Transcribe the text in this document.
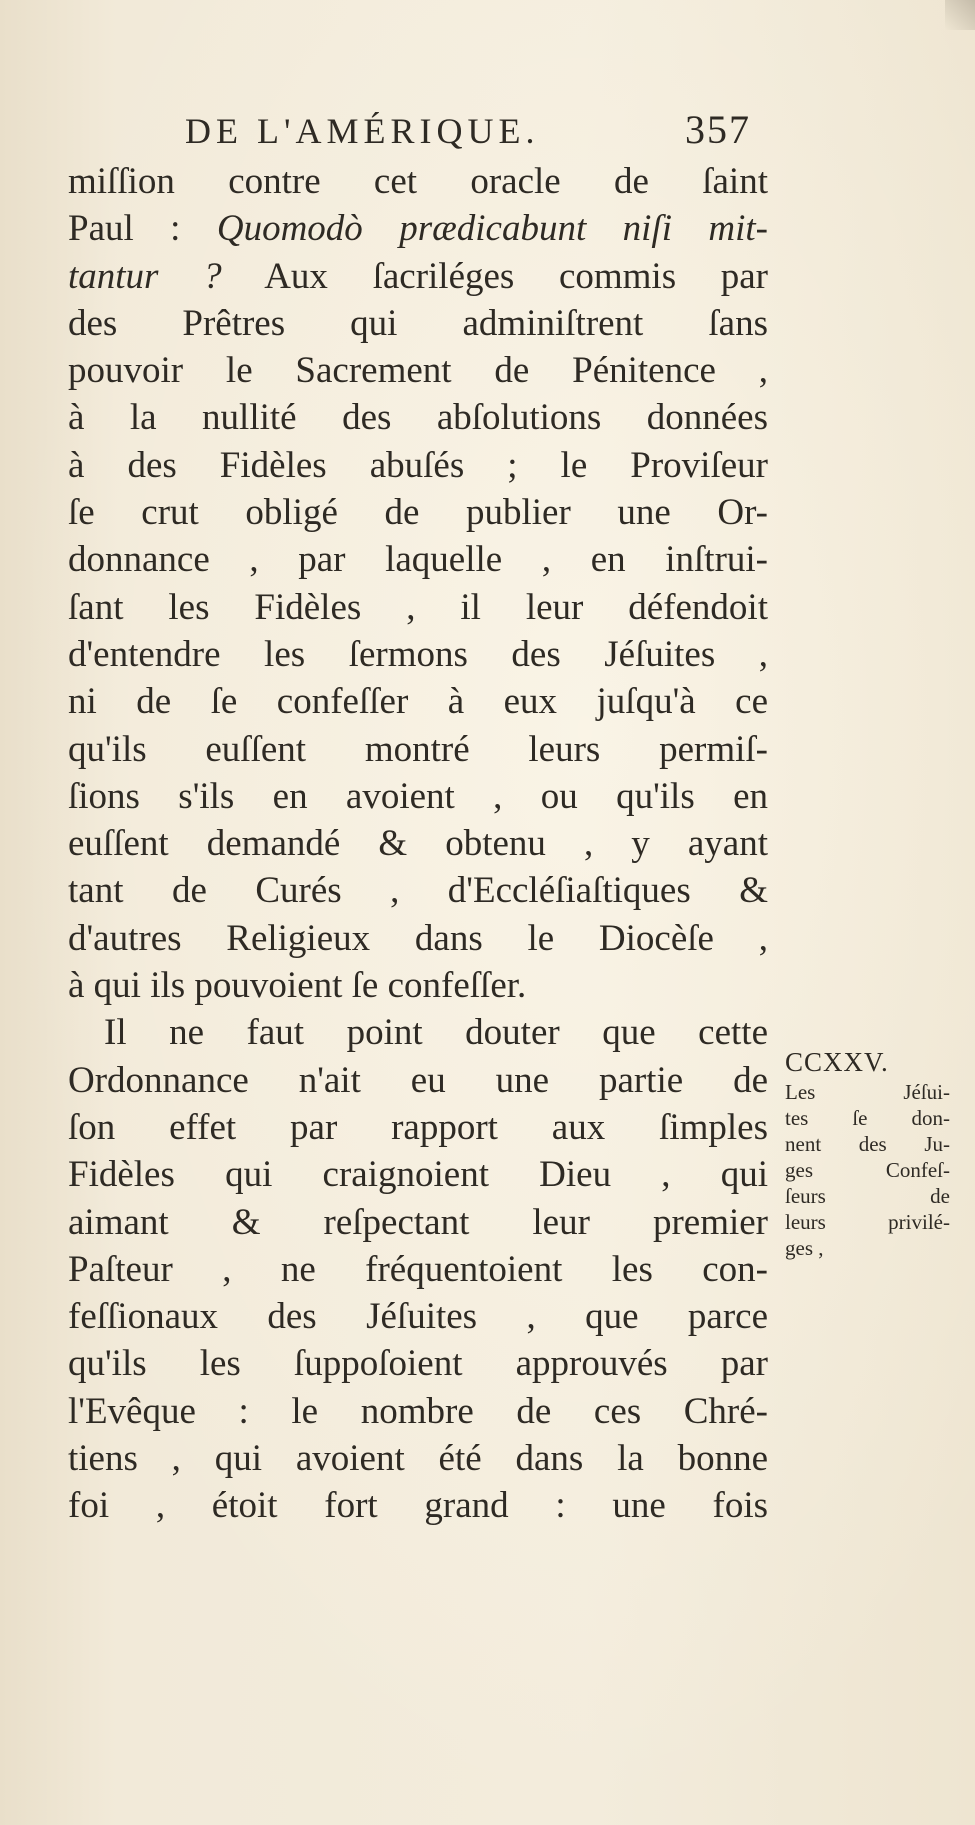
DE L'AMÉRIQUE.	357
miſſion contre cet oracle de ſaint
Paul : Quomodò prædicabunt niſi mit-
tantur ? Aux ſacriléges commis par
des Prêtres qui adminiſtrent ſans
pouvoir le Sacrement de Pénitence ,
à la nullité des abſolutions données
à des Fidèles abuſés ; le Proviſeur
ſe crut obligé de publier une Or-
donnance , par laquelle , en inſtrui-
ſant les Fidèles , il leur défendoit
d'entendre les ſermons des Jéſuites ,
ni de ſe confeſſer à eux juſqu'à ce
qu'ils euſſent montré leurs permiſ-
ſions s'ils en avoient , ou qu'ils en
euſſent demandé & obtenu , y ayant
tant de Curés , d'Eccléſiaſtiques &
d'autres Religieux dans le Diocèſe ,
à qui ils pouvoient ſe confeſſer.
Il ne faut point douter que cette
Ordonnance n'ait eu une partie de
ſon effet par rapport aux ſimples
Fidèles qui craignoient Dieu , qui
aimant & reſpectant leur premier
Paſteur , ne fréquentoient les con-
feſſionaux des Jéſuites , que parce
qu'ils les ſuppoſoient approuvés par
l'Evêque : le nombre de ces Chré-
tiens , qui avoient été dans la bonne
foi , étoit fort grand : une fois
CCXXV.
Les Jéſui-
tes ſe don-
nent des Ju-
ges Confeſ-
ſeurs de
leurs privilé-
ges ,
